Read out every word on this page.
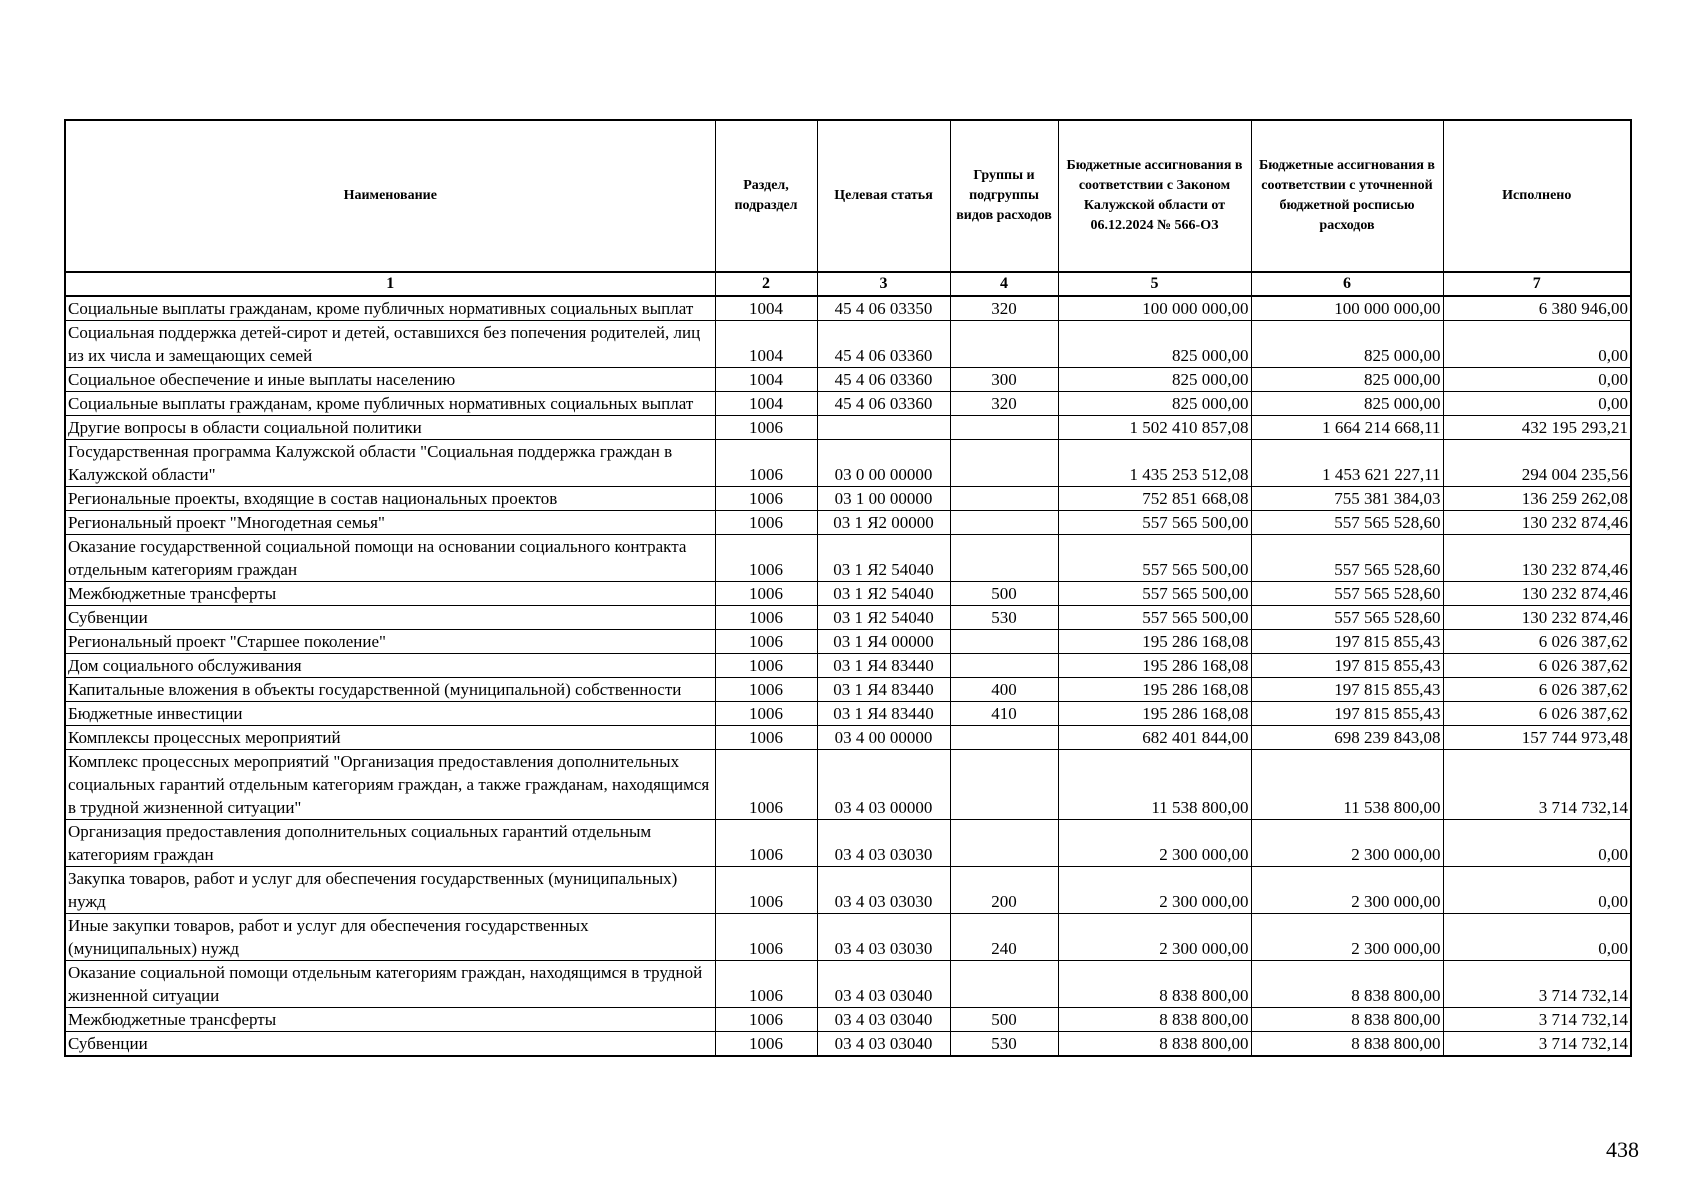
Наименование	Раздел, подраздел	Целевая статья	Группы и подгруппы видов расходов	Бюджетные ассигнования в соответствии с Законом Калужской области от 06.12.2024 № 566-ОЗ	Бюджетные ассигнования в соответствии с уточненной бюджетной росписью расходов	Исполнено
1	2	3	4	5	6	7
Социальные выплаты гражданам, кроме публичных нормативных социальных выплат	1004	45 4 06 03350	320	100 000 000,00	100 000 000,00	6 380 946,00
Социальная поддержка детей-сирот и детей, оставшихся без попечения родителей, лиц из их числа и замещающих семей	1004	45 4 06 03360		825 000,00	825 000,00	0,00
Социальное обеспечение и иные выплаты населению	1004	45 4 06 03360	300	825 000,00	825 000,00	0,00
Социальные выплаты гражданам, кроме публичных нормативных социальных выплат	1004	45 4 06 03360	320	825 000,00	825 000,00	0,00
Другие вопросы в области социальной политики	1006			1 502 410 857,08	1 664 214 668,11	432 195 293,21
Государственная программа Калужской области "Социальная поддержка граждан в Калужской области"	1006	03 0 00 00000		1 435 253 512,08	1 453 621 227,11	294 004 235,56
Региональные проекты, входящие в состав национальных проектов	1006	03 1 00 00000		752 851 668,08	755 381 384,03	136 259 262,08
Региональный проект "Многодетная семья"	1006	03 1 Я2 00000		557 565 500,00	557 565 528,60	130 232 874,46
Оказание государственной социальной помощи на основании социального контракта отдельным категориям граждан	1006	03 1 Я2 54040		557 565 500,00	557 565 528,60	130 232 874,46
Межбюджетные трансферты	1006	03 1 Я2 54040	500	557 565 500,00	557 565 528,60	130 232 874,46
Субвенции	1006	03 1 Я2 54040	530	557 565 500,00	557 565 528,60	130 232 874,46
Региональный проект "Старшее поколение"	1006	03 1 Я4 00000		195 286 168,08	197 815 855,43	6 026 387,62
Дом социального обслуживания	1006	03 1 Я4 83440		195 286 168,08	197 815 855,43	6 026 387,62
Капитальные вложения в объекты государственной (муниципальной) собственности	1006	03 1 Я4 83440	400	195 286 168,08	197 815 855,43	6 026 387,62
Бюджетные инвестиции	1006	03 1 Я4 83440	410	195 286 168,08	197 815 855,43	6 026 387,62
Комплексы процессных мероприятий	1006	03 4 00 00000		682 401 844,00	698 239 843,08	157 744 973,48
Комплекс процессных мероприятий "Организация предоставления дополнительных социальных гарантий отдельным категориям граждан, а также гражданам, находящимся в трудной жизненной ситуации"	1006	03 4 03 00000		11 538 800,00	11 538 800,00	3 714 732,14
Организация предоставления дополнительных социальных гарантий отдельным категориям граждан	1006	03 4 03 03030		2 300 000,00	2 300 000,00	0,00
Закупка товаров, работ и услуг для обеспечения государственных (муниципальных) нужд	1006	03 4 03 03030	200	2 300 000,00	2 300 000,00	0,00
Иные закупки товаров, работ и услуг для обеспечения государственных (муниципальных) нужд	1006	03 4 03 03030	240	2 300 000,00	2 300 000,00	0,00
Оказание социальной помощи отдельным категориям граждан, находящимся в трудной жизненной ситуации	1006	03 4 03 03040		8 838 800,00	8 838 800,00	3 714 732,14
Межбюджетные трансферты	1006	03 4 03 03040	500	8 838 800,00	8 838 800,00	3 714 732,14
Субвенции	1006	03 4 03 03040	530	8 838 800,00	8 838 800,00	3 714 732,14
438
